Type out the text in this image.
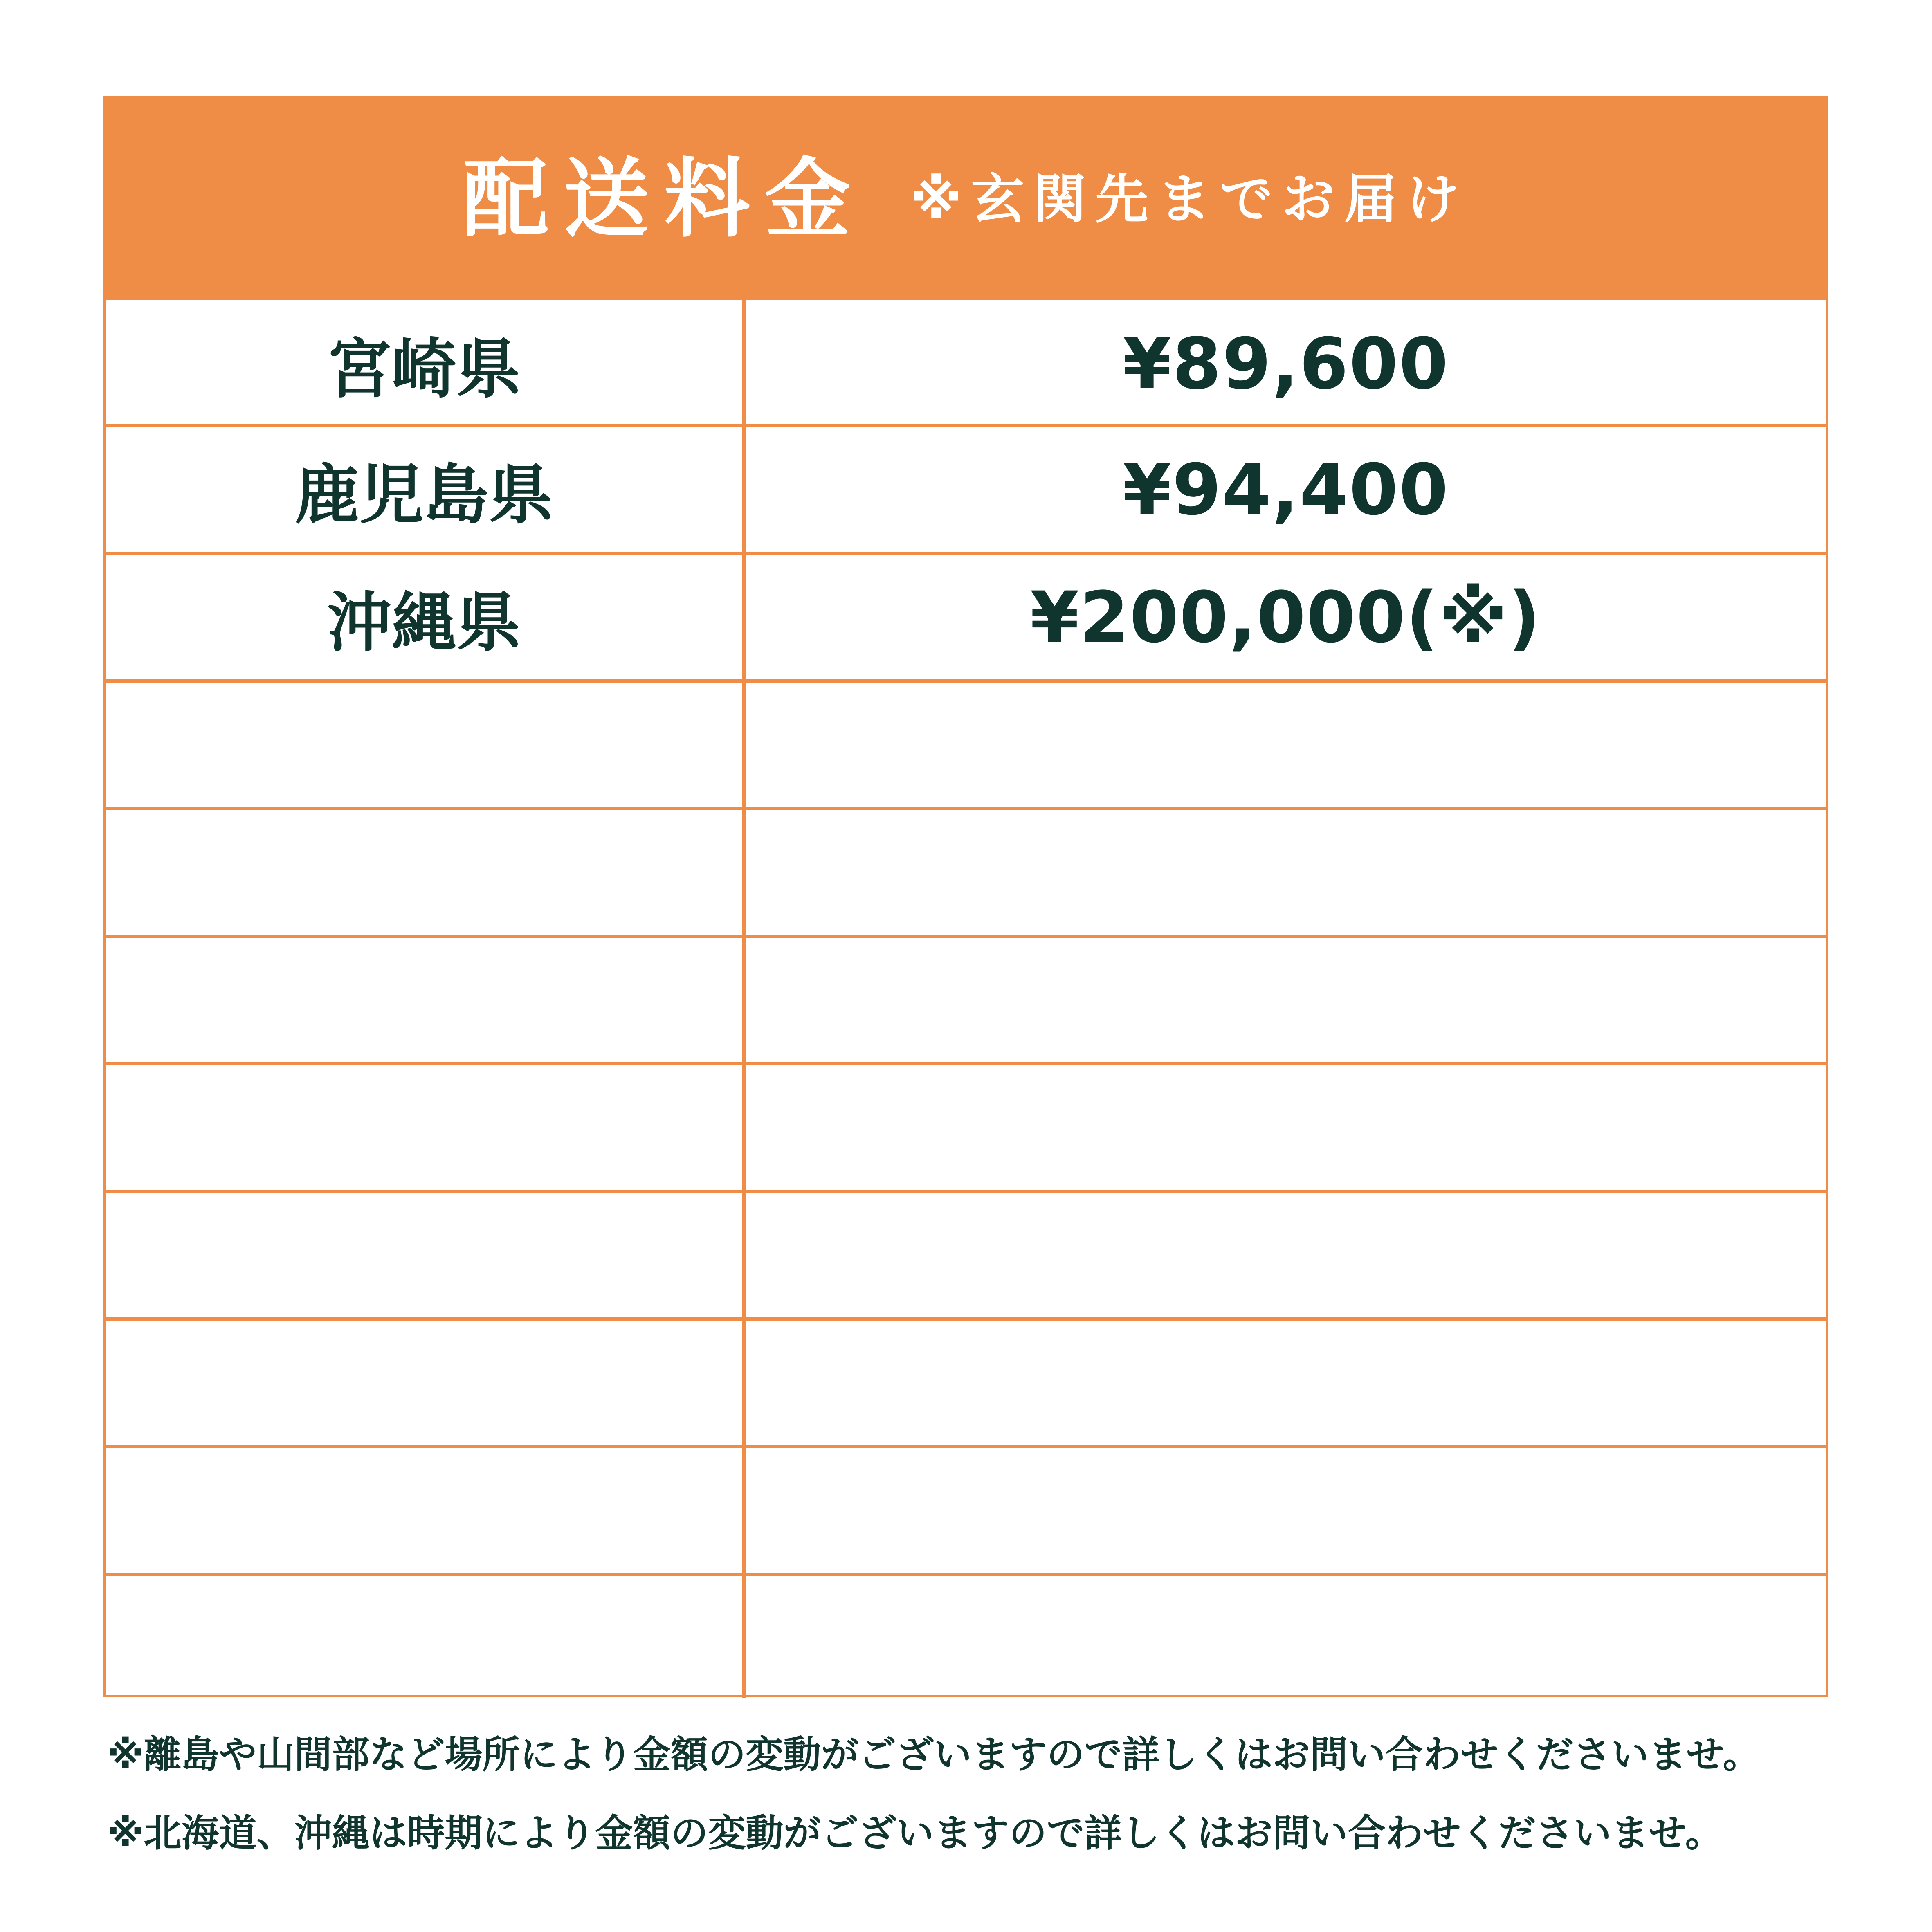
配送料金 ※玄関先までお届け
宮崎県	¥89,600
鹿児島県	¥94,400
沖縄県	¥200,000(※)
※離島や山間部など場所により金額の変動がございますので詳しくはお問い合わせくださいませ。
※北海道、沖縄は時期により金額の変動がございますので詳しくはお問い合わせくださいませ。
